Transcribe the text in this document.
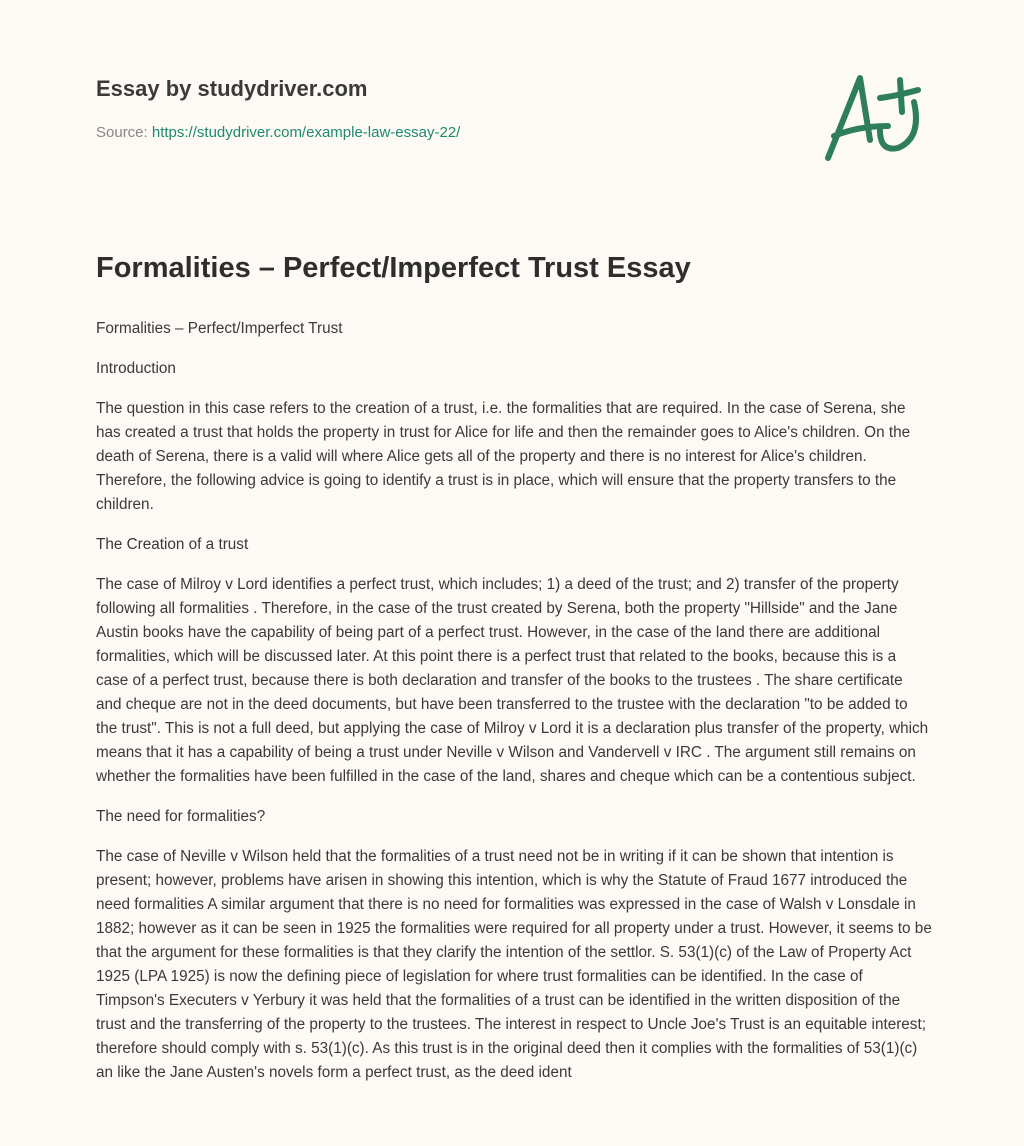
Essay by studydriver.com
Source: https://studydriver.com/example-law-essay-22/
Formalities – Perfect/Imperfect Trust Essay

Formalities – Perfect/Imperfect Trust

Introduction

The question in this case refers to the creation of a trust, i.e. the formalities that are required. In the case of Serena, she has created a trust that holds the property in trust for Alice for life and then the remainder goes to Alice's children. On the death of Serena, there is a valid will where Alice gets all of the property and there is no interest for Alice's children. Therefore, the following advice is going to identify a trust is in place, which will ensure that the property transfers to the children.

The Creation of a trust

The case of Milroy v Lord identifies a perfect trust, which includes; 1) a deed of the trust; and 2) transfer of the property following all formalities . Therefore, in the case of the trust created by Serena, both the property "Hillside" and the Jane Austin books have the capability of being part of a perfect trust. However, in the case of the land there are additional formalities, which will be discussed later. At this point there is a perfect trust that related to the books, because this is a case of a perfect trust, because there is both declaration and transfer of the books to the trustees . The share certificate and cheque are not in the deed documents, but have been transferred to the trustee with the declaration "to be added to the trust". This is not a full deed, but applying the case of Milroy v Lord it is a declaration plus transfer of the property, which means that it has a capability of being a trust under Neville v Wilson and Vandervell v IRC . The argument still remains on whether the formalities have been fulfilled in the case of the land, shares and cheque which can be a contentious subject.

The need for formalities?

The case of Neville v Wilson held that the formalities of a trust need not be in writing if it can be shown that intention is present; however, problems have arisen in showing this intention, which is why the Statute of Fraud 1677 introduced the need formalities A similar argument that there is no need for formalities was expressed in the case of Walsh v Lonsdale in 1882; however as it can be seen in 1925 the formalities were required for all property under a trust. However, it seems to be that the argument for these formalities is that they clarify the intention of the settlor. S. 53(1)(c) of the Law of Property Act 1925 (LPA 1925) is now the defining piece of legislation for where trust formalities can be identified. In the case of Timpson's Executers v Yerbury it was held that the formalities of a trust can be identified in the written disposition of the trust and the transferring of the property to the trustees. The interest in respect to Uncle Joe's Trust is an equitable interest; therefore should comply with s. 53(1)(c). As this trust is in the original deed then it complies with the formalities of 53(1)(c) an like the Jane Austen's novels form a perfect trust, as the deed ident
